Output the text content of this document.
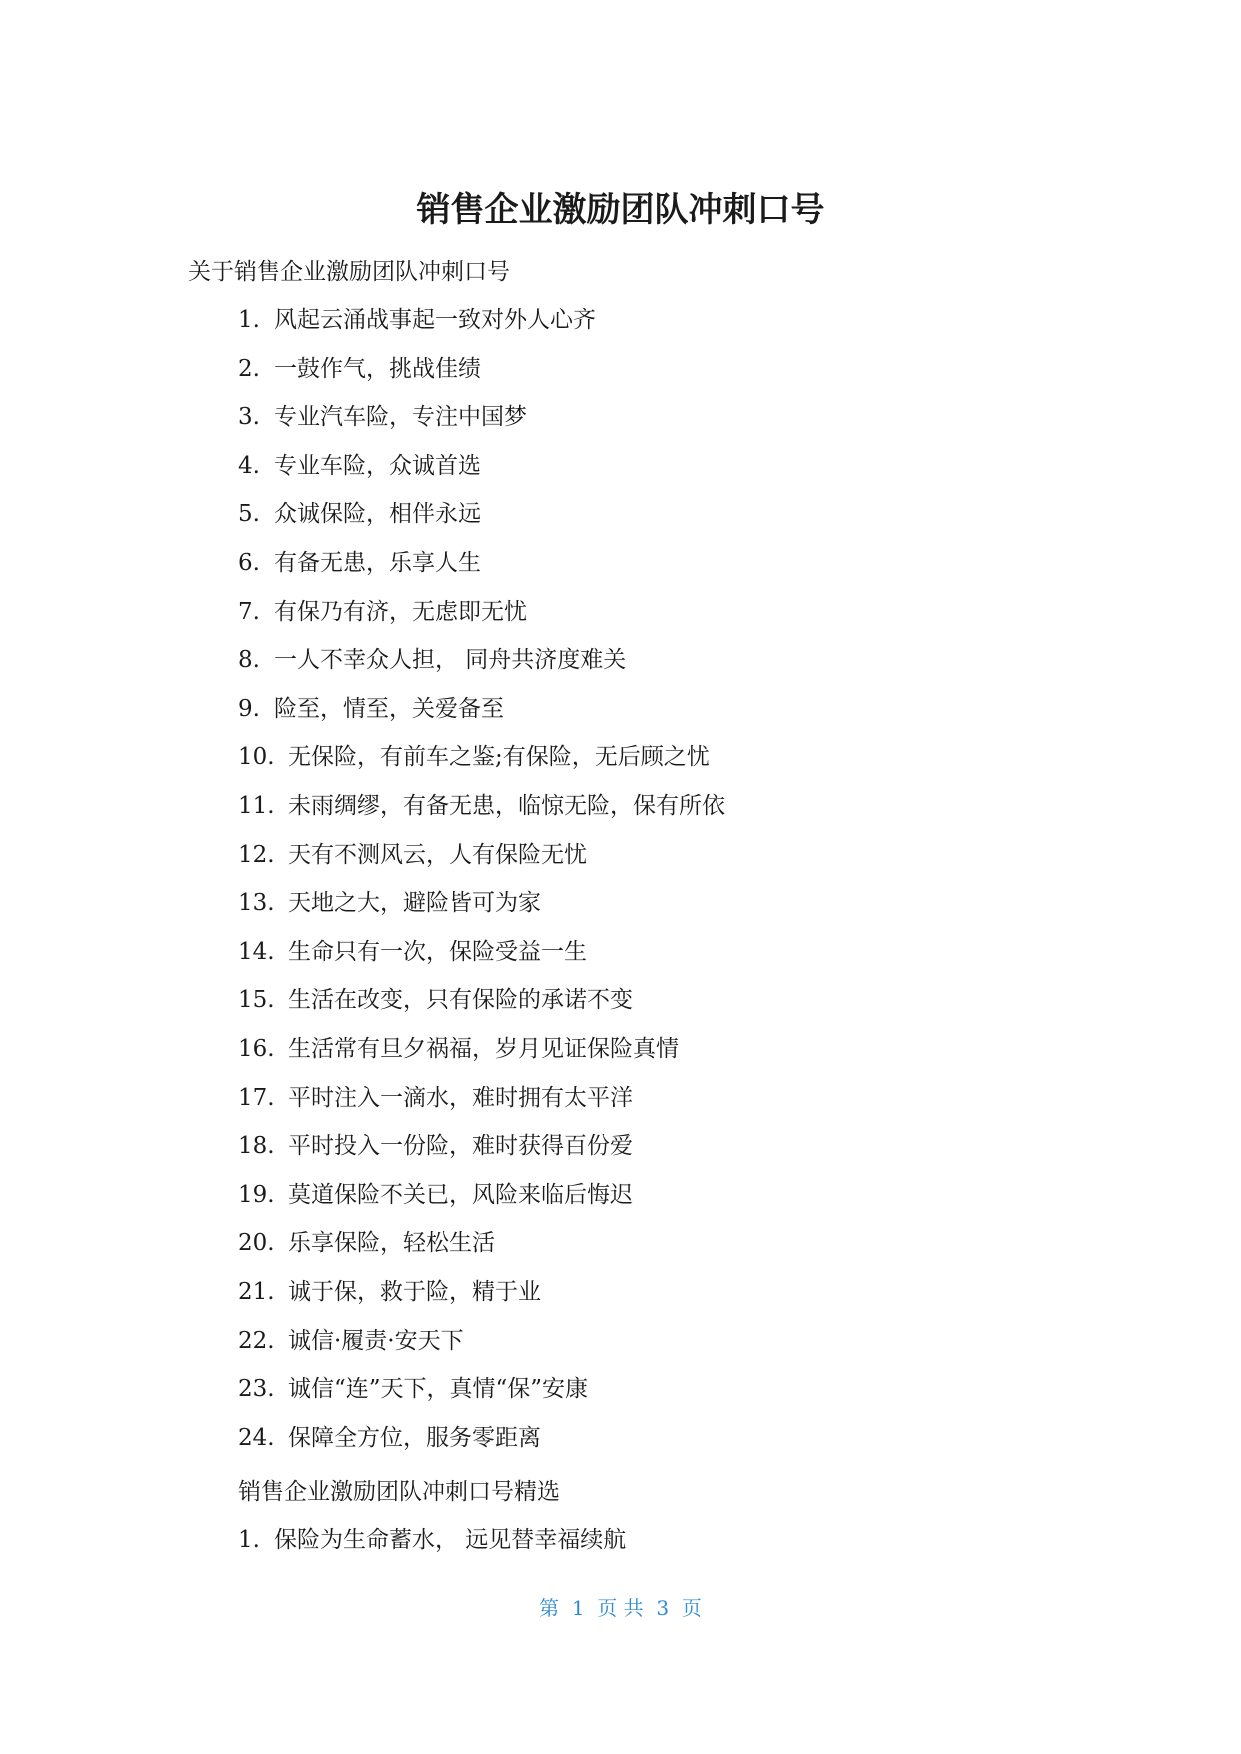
销售企业激励团队冲刺口号
关于销售企业激励团队冲刺口号
1. 风起云涌战事起一致对外人心齐
2. 一鼓作气，挑战佳绩
3. 专业汽车险，专注中国梦
4. 专业车险，众诚首选
5. 众诚保险，相伴永远
6. 有备无患，乐享人生
7. 有保乃有济，无虑即无忧
8. 一人不幸众人担， 同舟共济度难关
9. 险至，情至，关爱备至
10. 无保险，有前车之鉴;有保险，无后顾之忧
11. 未雨绸缪，有备无患，临惊无险，保有所依
12. 天有不测风云，人有保险无忧
13. 天地之大，避险皆可为家
14. 生命只有一次，保险受益一生
15. 生活在改变，只有保险的承诺不变
16. 生活常有旦夕祸福，岁月见证保险真情
17. 平时注入一滴水，难时拥有太平洋
18. 平时投入一份险，难时获得百份爱
19. 莫道保险不关已，风险来临后悔迟
20. 乐享保险，轻松生活
21. 诚于保，救于险，精于业
22. 诚信·履责·安天下
23. 诚信“连”天下，真情“保”安康
24. 保障全方位，服务零距离
销售企业激励团队冲刺口号精选
1. 保险为生命蓄水， 远见替幸福续航
第  1  页 共  3  页
